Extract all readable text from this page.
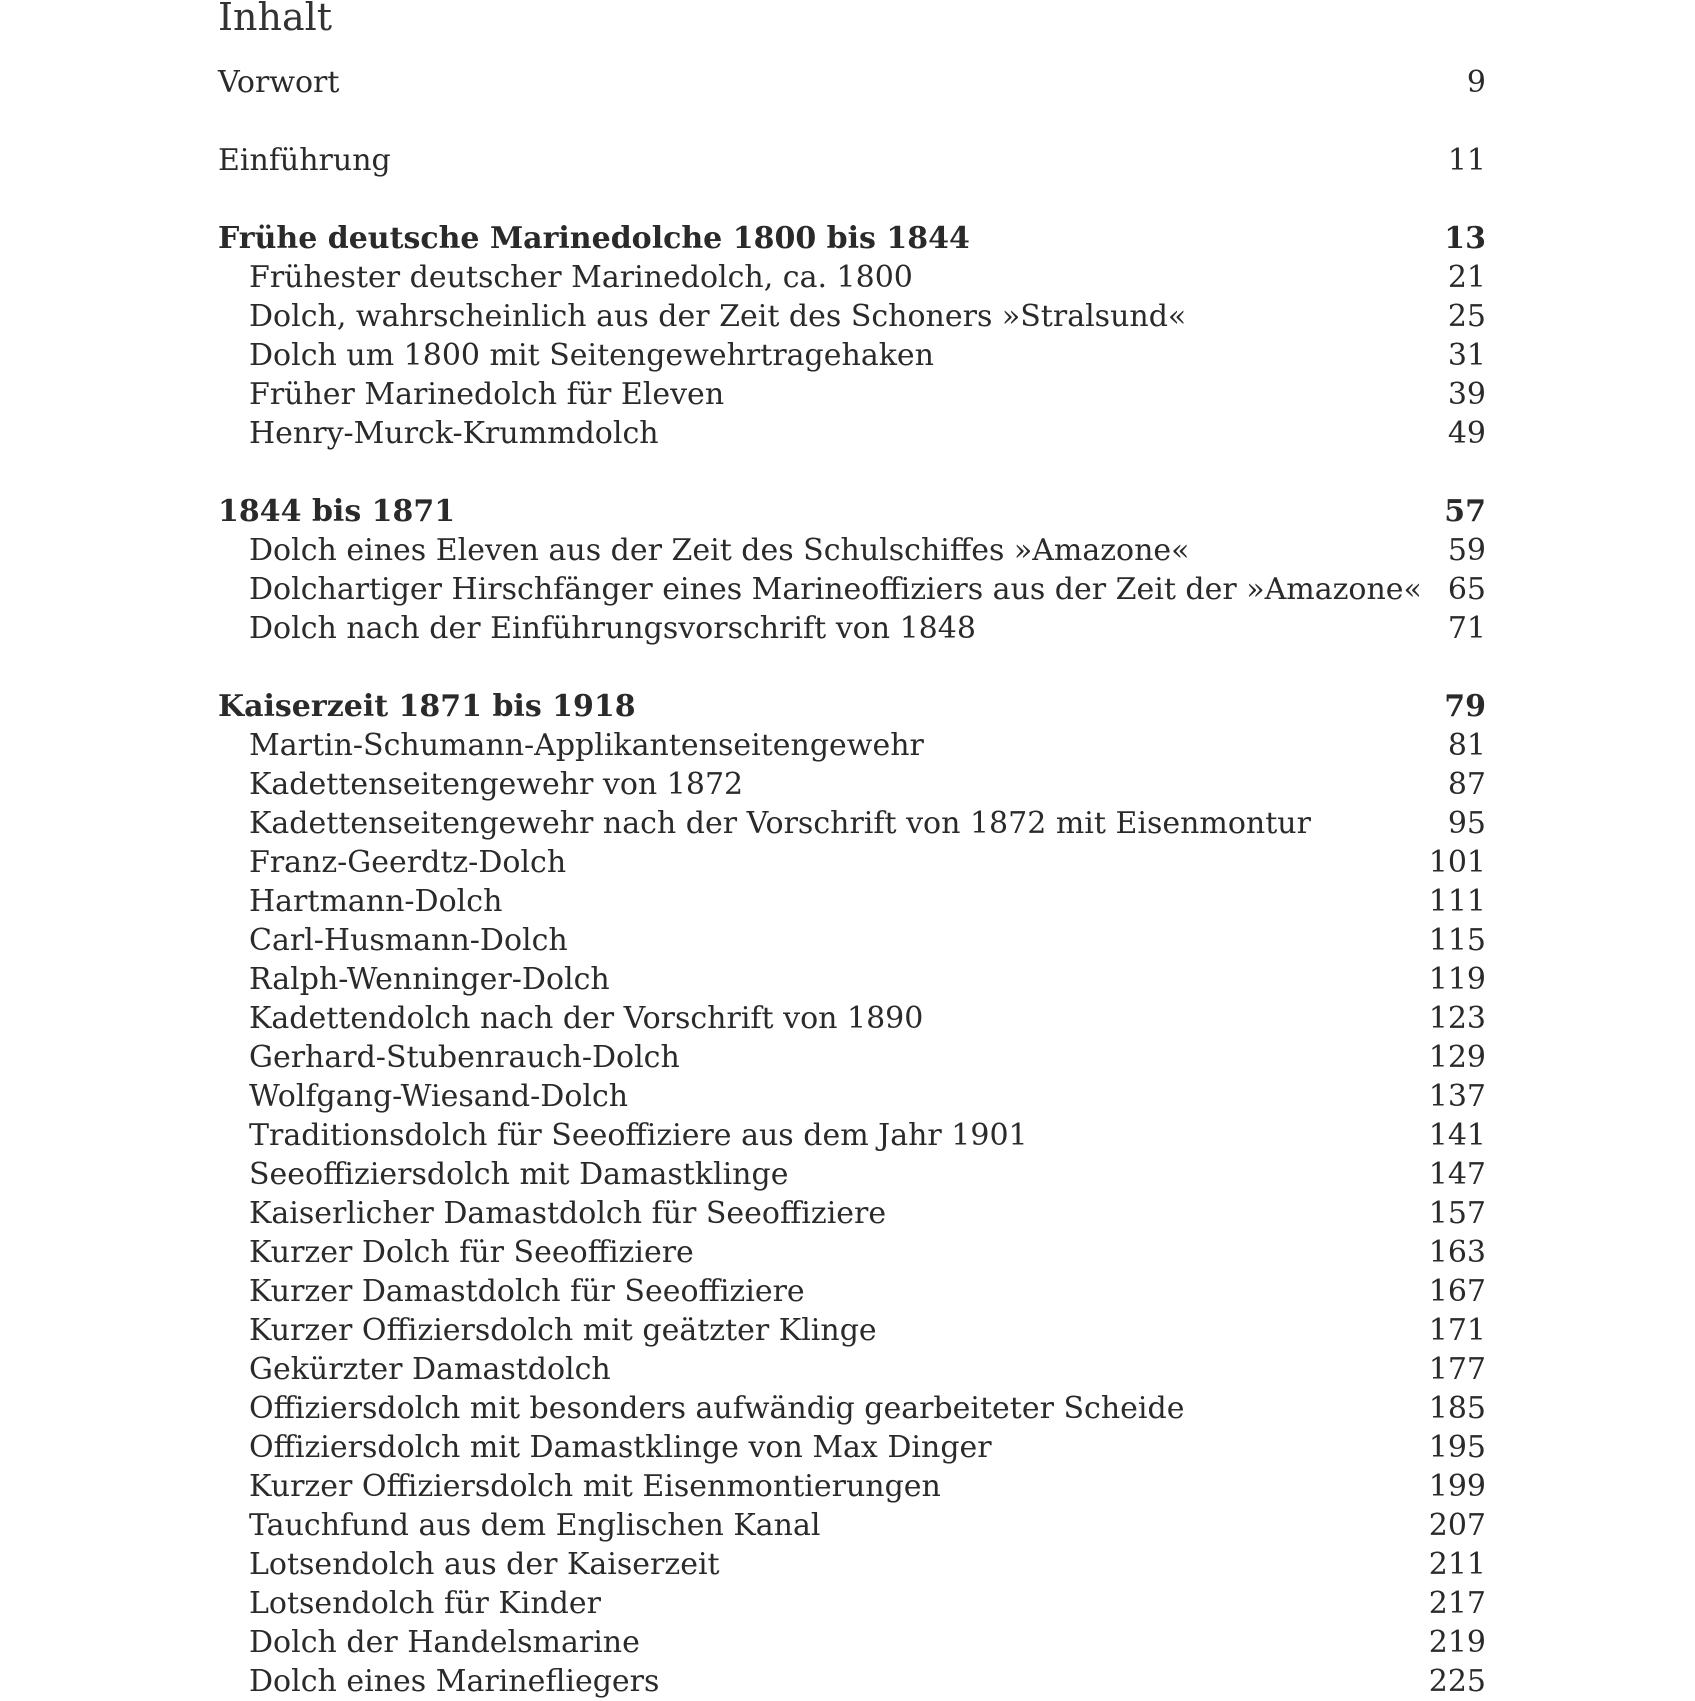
Inhalt
Vorwort	9
Einführung	11
Frühe deutsche Marinedolche 1800 bis 1844	13
Frühester deutscher Marinedolch, ca. 1800	21
Dolch, wahrscheinlich aus der Zeit des Schoners »Stralsund«	25
Dolch um 1800 mit Seitengewehrtragehaken	31
Früher Marinedolch für Eleven	39
Henry-Murck-Krummdolch	49
1844 bis 1871	57
Dolch eines Eleven aus der Zeit des Schulschiffes »Amazone«	59
Dolchartiger Hirschfänger eines Marineoffiziers aus der Zeit der »Amazone« 65
Dolch nach der Einführungsvorschrift von 1848	71
Kaiserzeit 1871 bis 1918	79
Martin-Schumann-Applikantenseitengewehr	81
Kadettenseitengewehr von 1872	87
Kadettenseitengewehr nach der Vorschrift von 1872 mit Eisenmontur	95
Franz-Geerdtz-Dolch	101
Hartmann-Dolch	111
Carl-Husmann-Dolch	115
Ralph-Wenninger-Dolch	119
Kadettendolch nach der Vorschrift von 1890	123
Gerhard-Stubenrauch-Dolch	129
Wolfgang-Wiesand-Dolch	137
Traditionsdolch für Seeoffiziere aus dem Jahr 1901	141
Seeoffiziersdolch mit Damastklinge	147
Kaiserlicher Damastdolch für Seeoffiziere	157
Kurzer Dolch für Seeoffiziere	163
Kurzer Damastdolch für Seeoffiziere	167
Kurzer Offiziersdolch mit geätzter Klinge	171
Gekürzter Damastdolch	177
Offiziersdolch mit besonders aufwändig gearbeiteter Scheide	185
Offiziersdolch mit Damastklinge von Max Dinger	195
Kurzer Offiziersdolch mit Eisenmontierungen	199
Tauchfund aus dem Englischen Kanal	207
Lotsendolch aus der Kaiserzeit	211
Lotsendolch für Kinder	217
Dolch der Handelsmarine	219
Dolch eines Marinefliegers	225
